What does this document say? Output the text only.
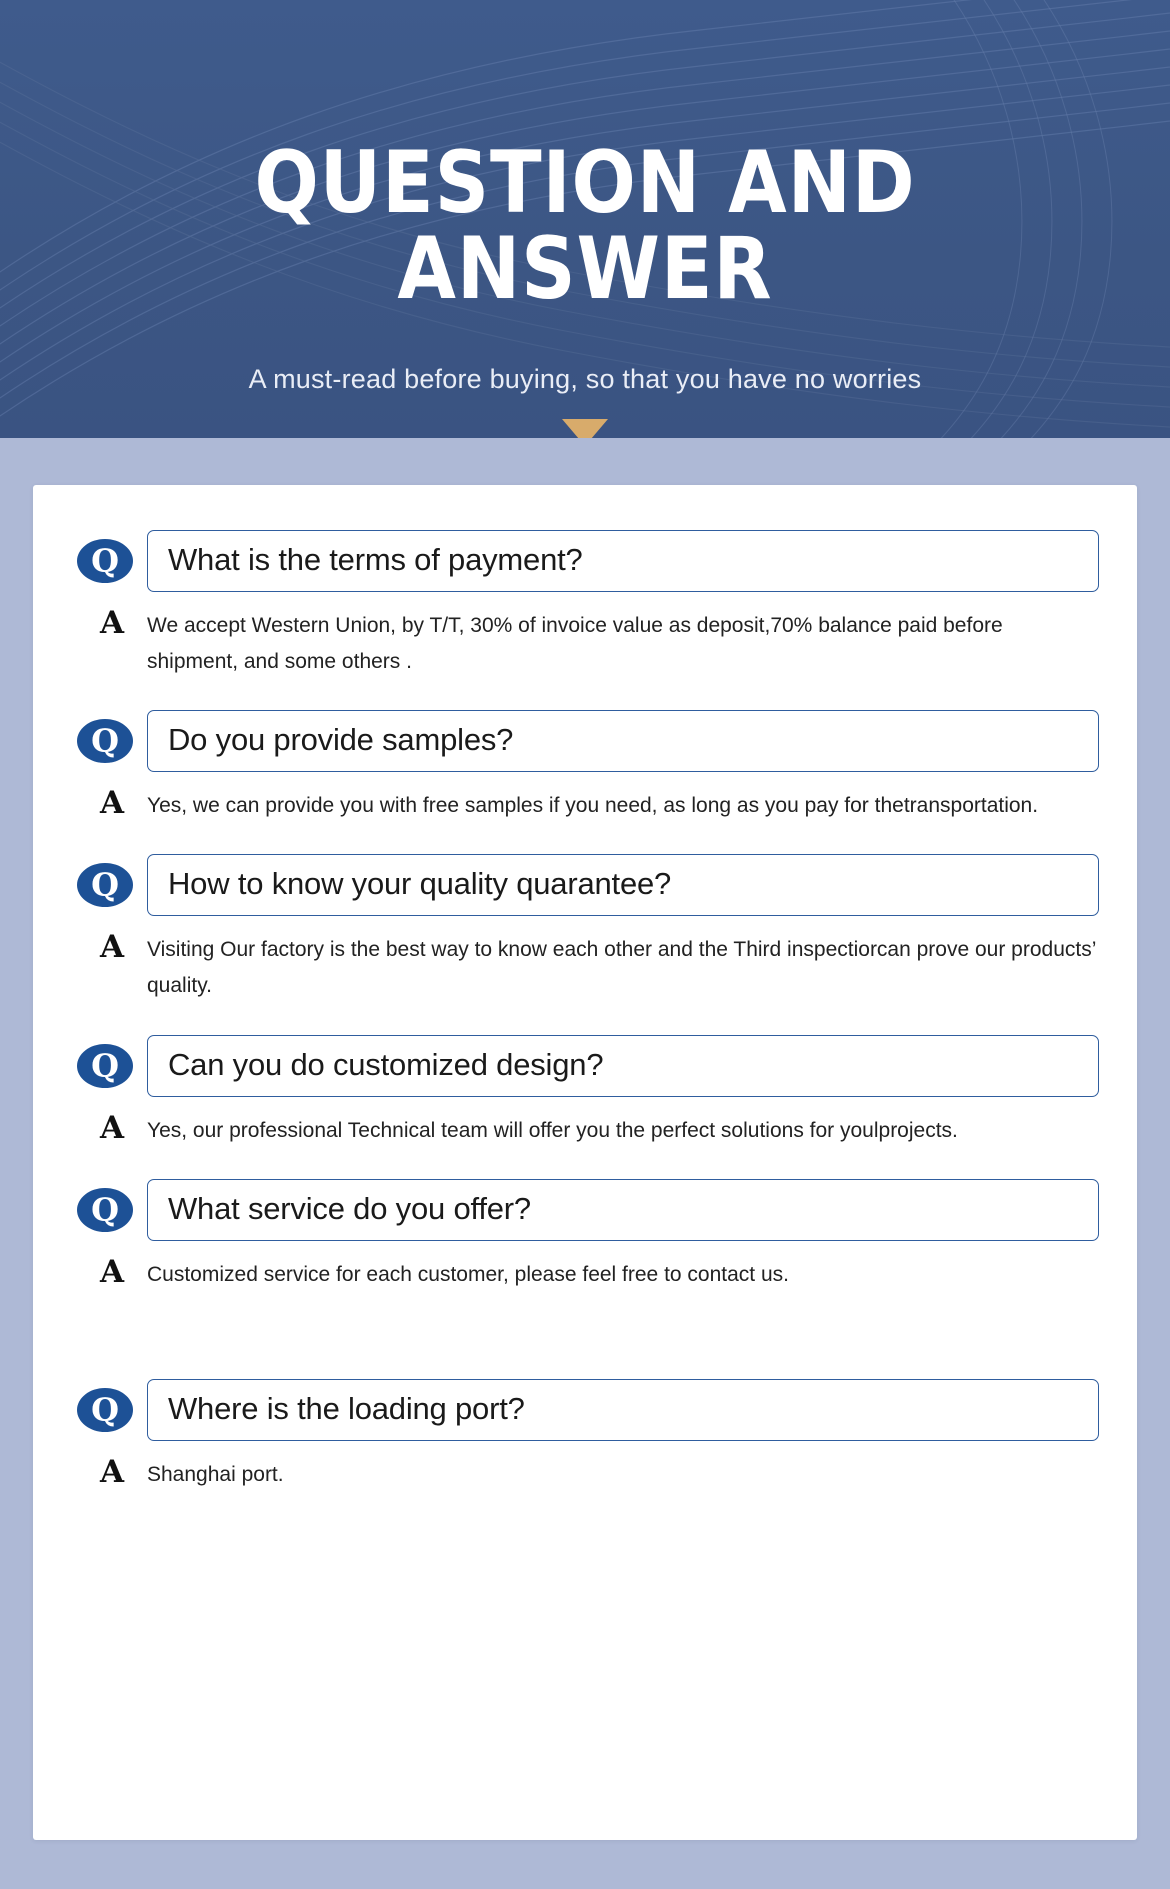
QUESTION AND ANSWER

A must-read before buying, so that you have no worries

Q	What is the terms of payment?
A We accept Western Union, by T/T, 30% of invoice value as deposit,70% balance paid before shipment, and some others .
Q	Do you provide samples?
A Yes, we can provide you with free samples if you need, as long as you pay for thetransportation.
Q	How to know your quality quarantee?
A Visiting Our factory is the best way to know each other and the Third inspectiorcan prove our products’ quality.
Q	Can you do customized design?
A Yes, our professional Technical team will offer you the perfect solutions for youlprojects.
Q	What service do you offer?
A Customized service for each customer, please feel free to contact us.
Q	Where is the loading port?
A Shanghai port.
